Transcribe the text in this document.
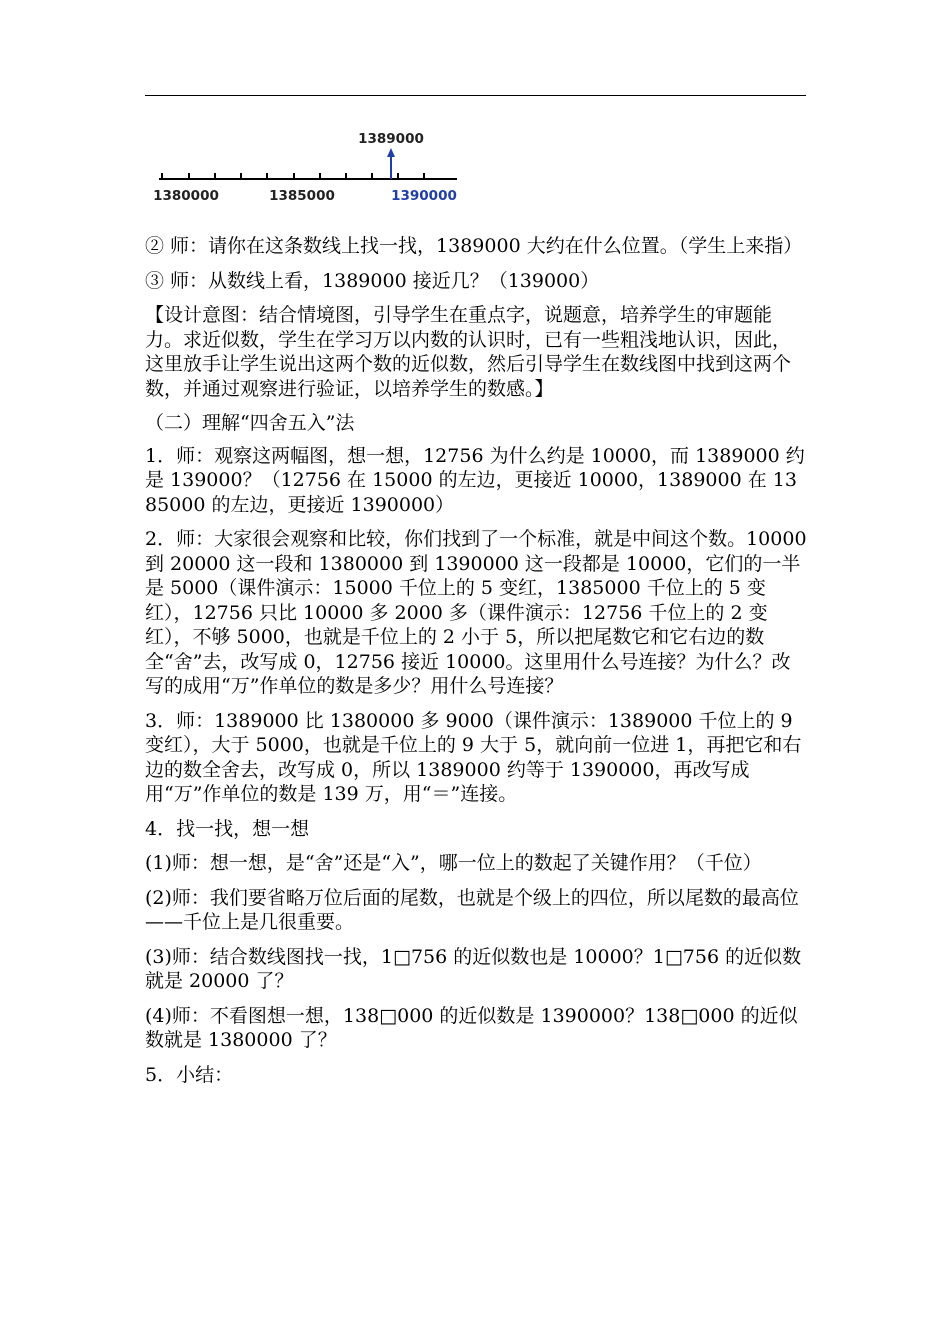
1389000
1380000	1385000	1390000

② 师：请你在这条数线上找一找，1389000 大约在什么位置。（学生上来指）

③ 师：从数线上看，1389000 接近几？（139000）

【设计意图：结合情境图，引导学生在重点字，说题意，培养学生的审题能力。求近似数，学生在学习万以内数的认识时，已有一些粗浅地认识，因此，这里放手让学生说出这两个数的近似数，然后引导学生在数线图中找到这两个数，并通过观察进行验证，以培养学生的数感。】

（二）理解“四舍五入”法

1．师：观察这两幅图，想一想，12756 为什么约是 10000，而 1389000 约是 139000？（12756 在 15000 的左边，更接近 10000，1389000 在 1385000 的左边，更接近 1390000）

2．师：大家很会观察和比较，你们找到了一个标准，就是中间这个数。10000 到 20000 这一段和 1380000 到 1390000 这一段都是 10000，它们的一半是 5000（课件演示：15000 千位上的 5 变红，1385000 千位上的 5 变红），12756 只比 10000 多 2000 多（课件演示：12756 千位上的 2 变红），不够 5000，也就是千位上的 2 小于 5，所以把尾数它和它右边的数全“舍”去，改写成 0，12756 接近 10000。这里用什么号连接？为什么？改写的成用“万”作单位的数是多少？用什么号连接？

3．师：1389000 比 1380000 多 9000（课件演示：1389000 千位上的 9 变红），大于 5000，也就是千位上的 9 大于 5，就向前一位进 1，再把它和右边的数全舍去，改写成 0，所以 1389000 约等于 1390000，再改写成用“万”作单位的数是 139 万，用“＝”连接。

4．找一找，想一想

(1)师：想一想，是“舍”还是“入”，哪一位上的数起了关键作用？（千位）

(2)师：我们要省略万位后面的尾数，也就是个级上的四位，所以尾数的最高位——千位上是几很重要。

(3)师：结合数线图找一找，1□756 的近似数也是 10000？1□756 的近似数就是 20000 了？

(4)师：不看图想一想，138□000 的近似数是 1390000？138□000 的近似数就是 1380000 了？

5．小结：
